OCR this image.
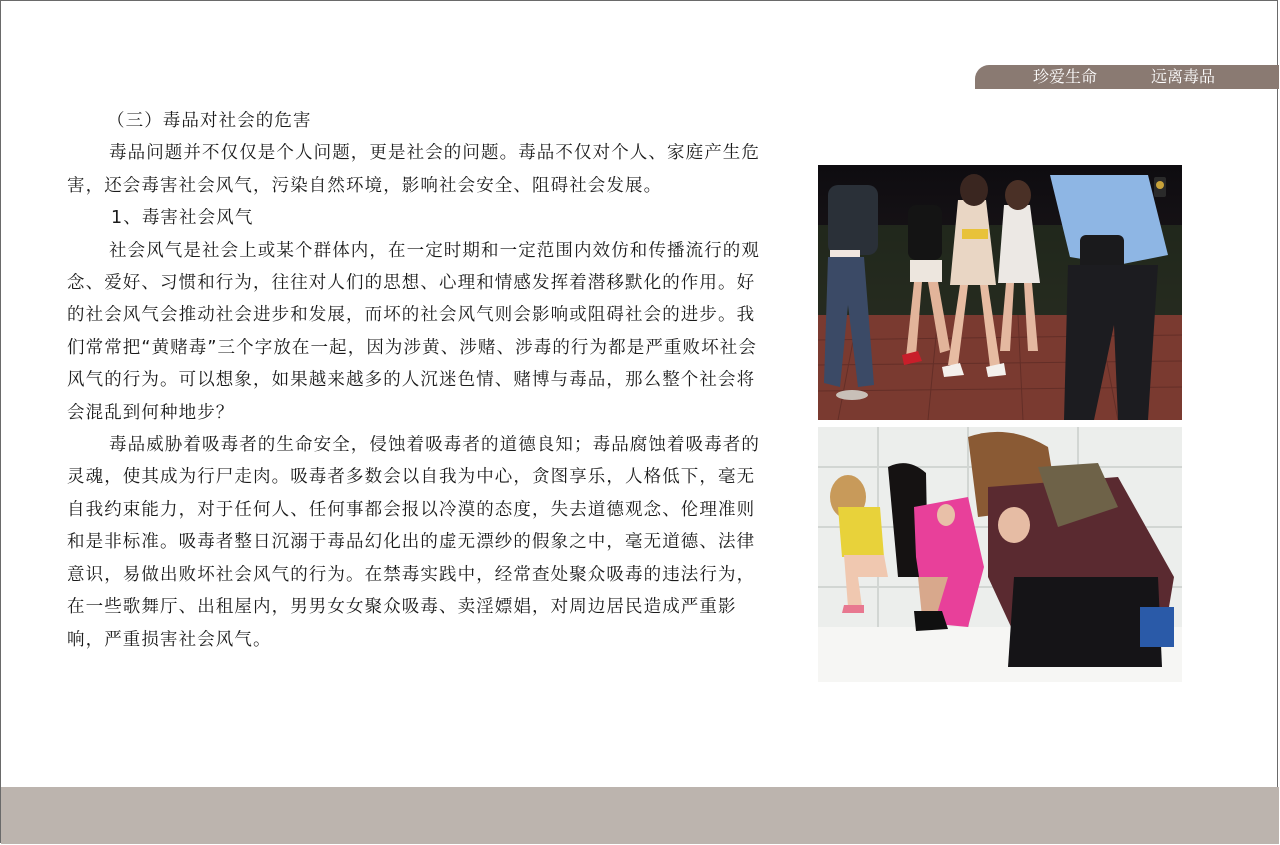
珍爱生命	远离毒品

（三）毒品对社会的危害

毒品问题并不仅仅是个人问题，更是社会的问题。毒品不仅对个人、家庭产生危害，还会毒害社会风气，污染自然环境，影响社会安全、阻碍社会发展。

1、毒害社会风气

社会风气是社会上或某个群体内，在一定时期和一定范围内效仿和传播流行的观念、爱好、习惯和行为，往往对人们的思想、心理和情感发挥着潜移默化的作用。好的社会风气会推动社会进步和发展，而坏的社会风气则会影响或阻碍社会的进步。我们常常把“黄赌毒”三个字放在一起，因为涉黄、涉赌、涉毒的行为都是严重败坏社会风气的行为。可以想象，如果越来越多的人沉迷色情、赌博与毒品，那么整个社会将会混乱到何种地步？

毒品威胁着吸毒者的生命安全，侵蚀着吸毒者的道德良知；毒品腐蚀着吸毒者的灵魂，使其成为行尸走肉。吸毒者多数会以自我为中心，贪图享乐，人格低下，毫无自我约束能力，对于任何人、任何事都会报以冷漠的态度，失去道德观念、伦理准则和是非标准。吸毒者整日沉溺于毒品幻化出的虚无漂纱的假象之中，毫无道德、法律意识，易做出败坏社会风气的行为。在禁毒实践中，经常查处聚众吸毒的违法行为，在一些歌舞厅、出租屋内，男男女女聚众吸毒、卖淫嫖娼，对周边居民造成严重影响，严重损害社会风气。
